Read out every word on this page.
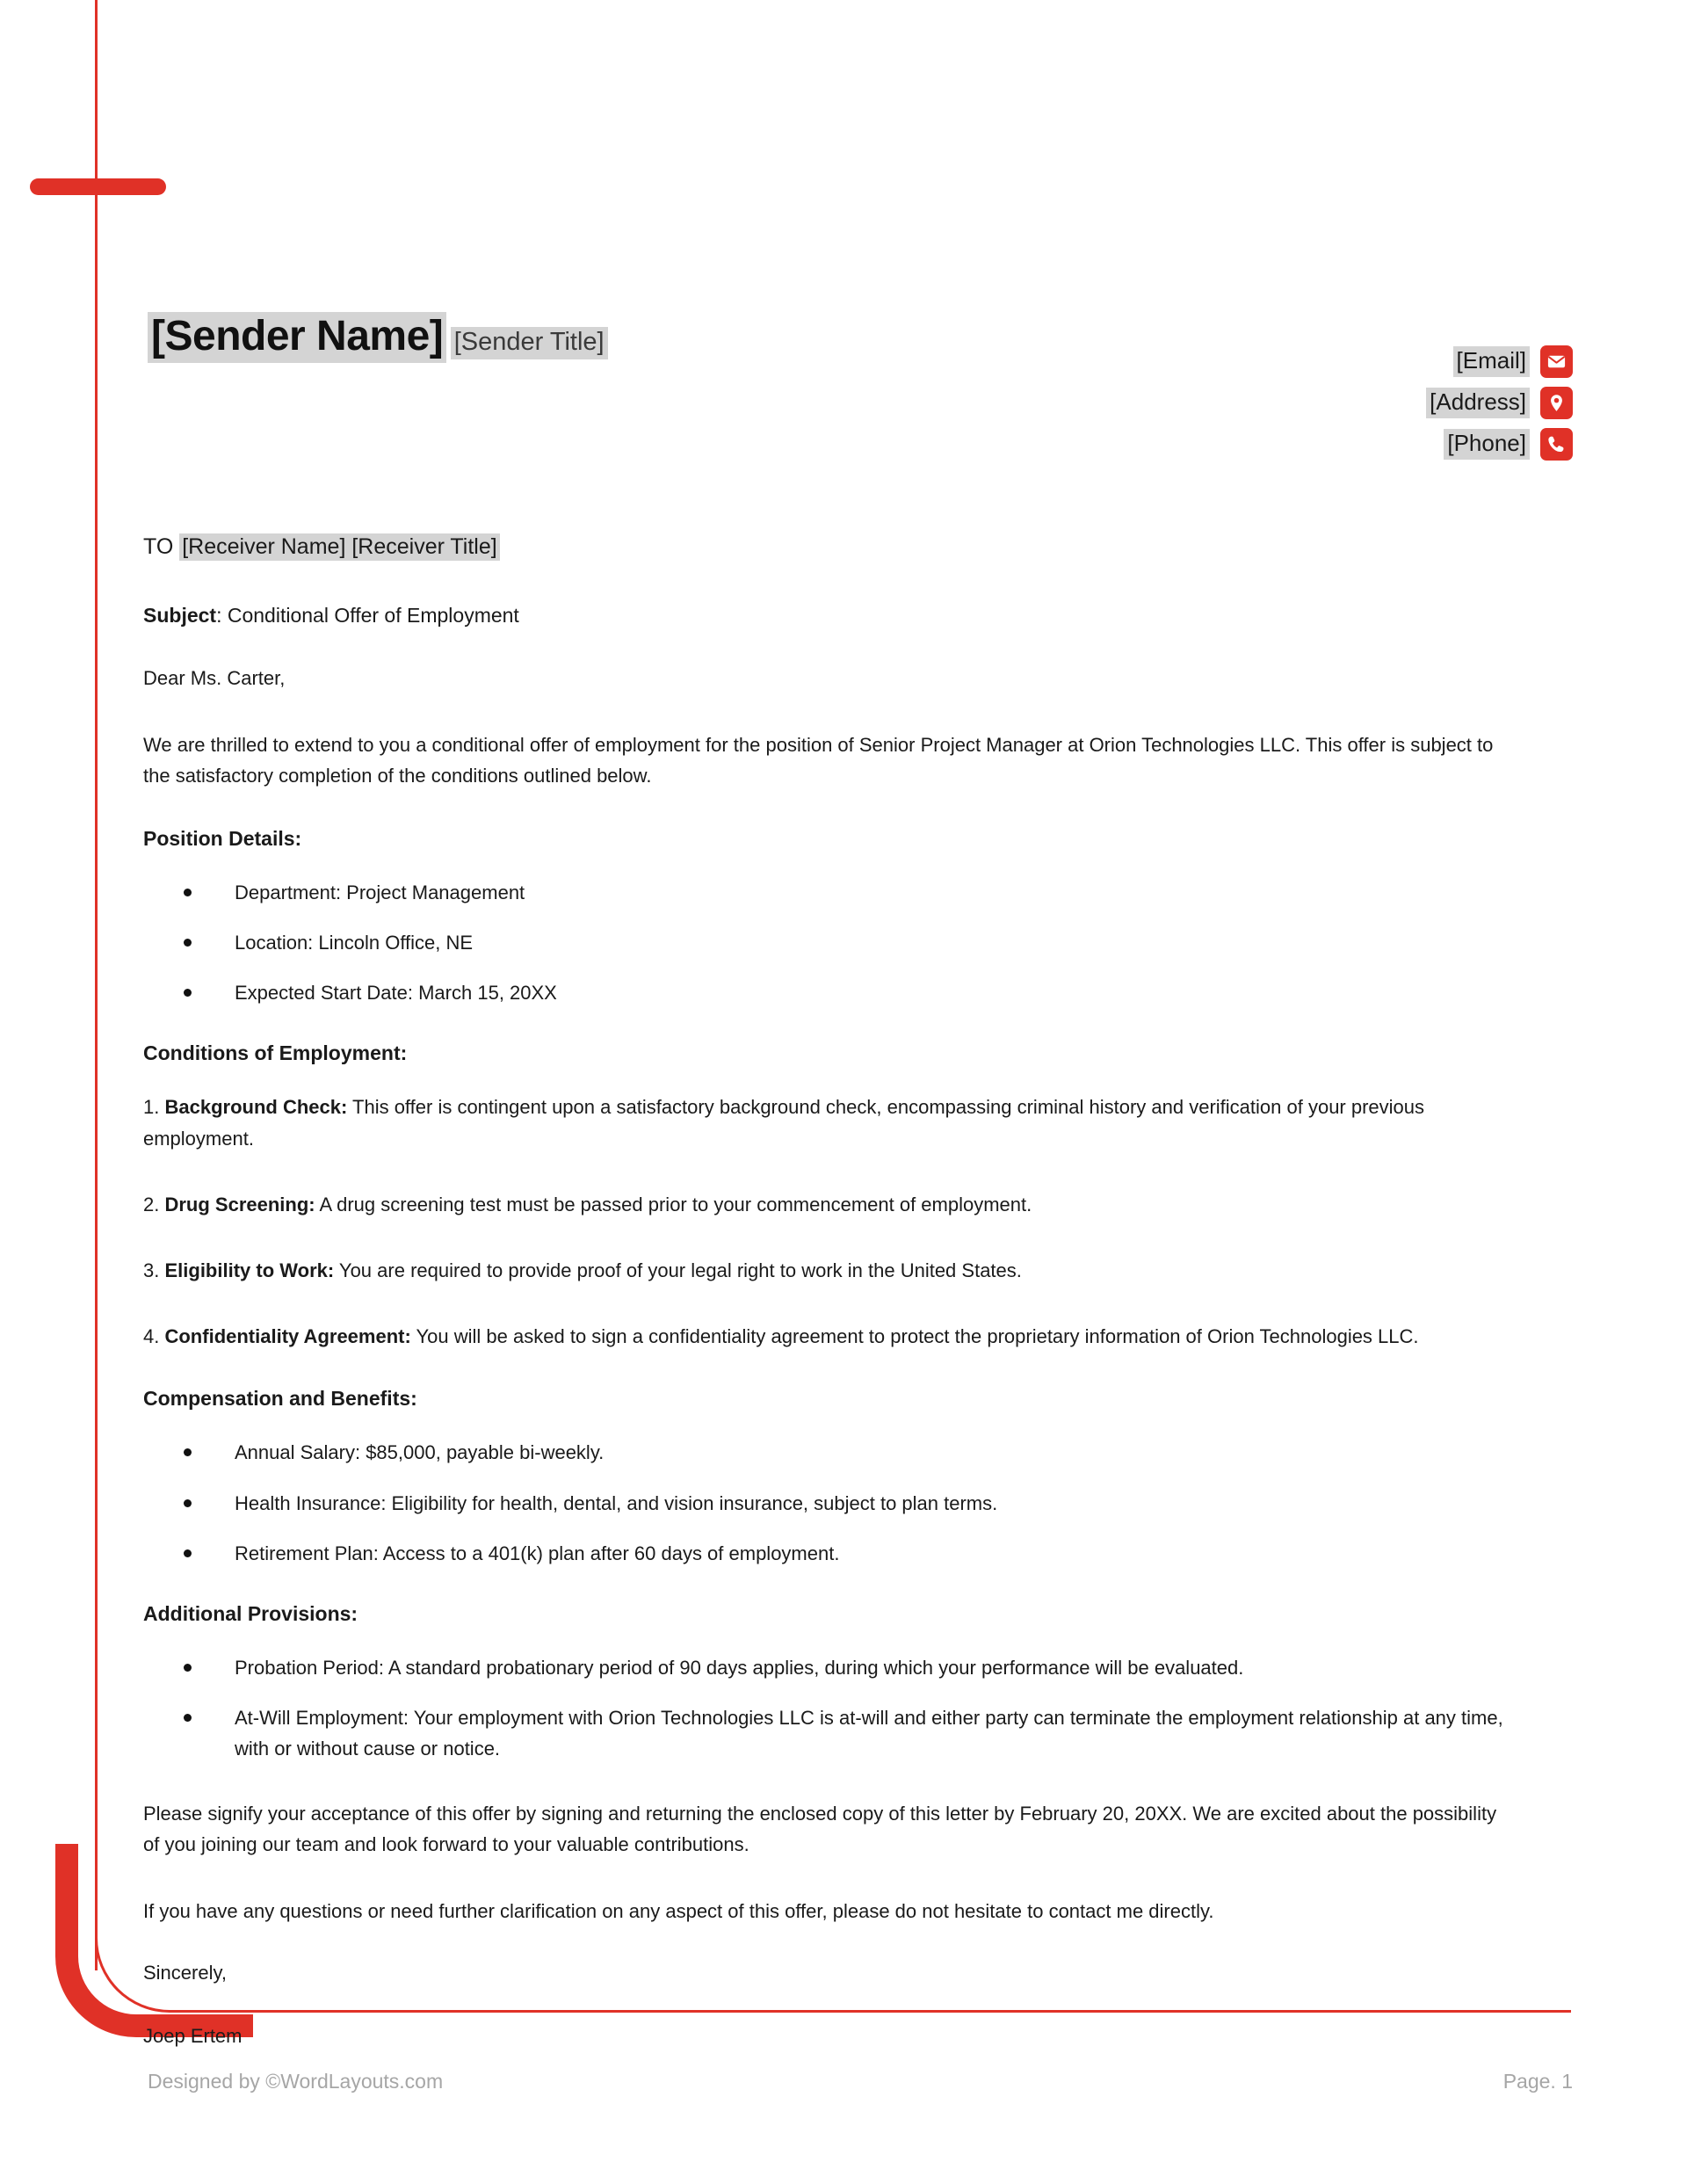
[Sender Name] [Sender Title]
[Email]
[Address]
[Phone]
TO [Receiver Name] [Receiver Title]
Subject: Conditional Offer of Employment
Dear Ms. Carter,
We are thrilled to extend to you a conditional offer of employment for the position of Senior Project Manager at Orion Technologies LLC. This offer is subject to the satisfactory completion of the conditions outlined below.
Position Details:
Department: Project Management
Location: Lincoln Office, NE
Expected Start Date: March 15, 20XX
Conditions of Employment:
1. Background Check: This offer is contingent upon a satisfactory background check, encompassing criminal history and verification of your previous employment.
2. Drug Screening: A drug screening test must be passed prior to your commencement of employment.
3. Eligibility to Work: You are required to provide proof of your legal right to work in the United States.
4. Confidentiality Agreement: You will be asked to sign a confidentiality agreement to protect the proprietary information of Orion Technologies LLC.
Compensation and Benefits:
Annual Salary: $85,000, payable bi-weekly.
Health Insurance: Eligibility for health, dental, and vision insurance, subject to plan terms.
Retirement Plan: Access to a 401(k) plan after 60 days of employment.
Additional Provisions:
Probation Period: A standard probationary period of 90 days applies, during which your performance will be evaluated.
At-Will Employment: Your employment with Orion Technologies LLC is at-will and either party can terminate the employment relationship at any time, with or without cause or notice.
Please signify your acceptance of this offer by signing and returning the enclosed copy of this letter by February 20, 20XX. We are excited about the possibility of you joining our team and look forward to your valuable contributions.
If you have any questions or need further clarification on any aspect of this offer, please do not hesitate to contact me directly.
Sincerely,
Joep Ertem
Designed by ©WordLayouts.com	Page. 1
